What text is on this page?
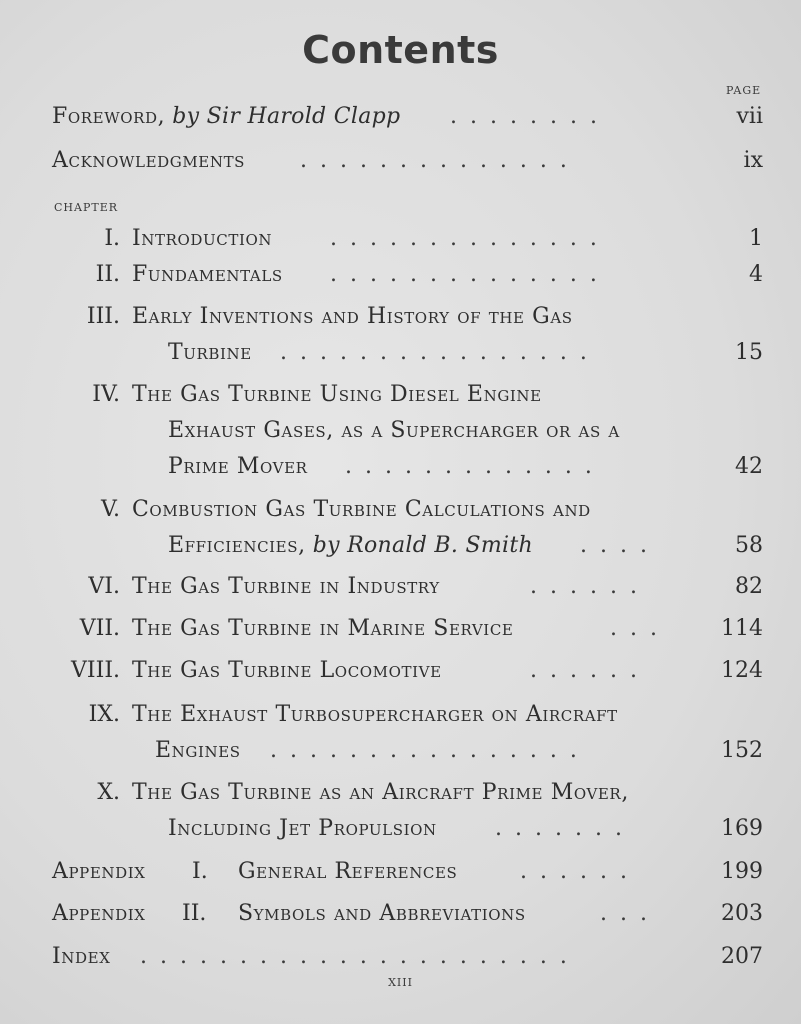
Contents
PAGE
Foreword, by Sir Harold Clapp ........	vii
Acknowledgments ..............	ix
CHAPTER
I. Introduction	..............	1
II. Fundamentals ..............	4
III. Early Inventions and History of the Gas
Turbine ................	15
IV. The Gas Turbine Using Diesel Engine
Exhaust Gases, as a Supercharger or as a
Prime Mover .............	42
V. Combustion Gas Turbine Calculations and
Efficiencies, by Ronald B. Smith ....	58
VI. The Gas Turbine in Industry	......	82
VII. The Gas Turbine in Marine Service	...	114
VIII. The Gas Turbine Locomotive	......	124
IX. The Exhaust Turbosupercharger on Aircraft
Engines ................	152
X. The Gas Turbine as an Aircraft Prime Mover,
Including Jet Propulsion	.......	169
Appendix I. General References	......	199
Appendix II. Symbols and Abbreviations	...	203
Index ......................	207
xiii
